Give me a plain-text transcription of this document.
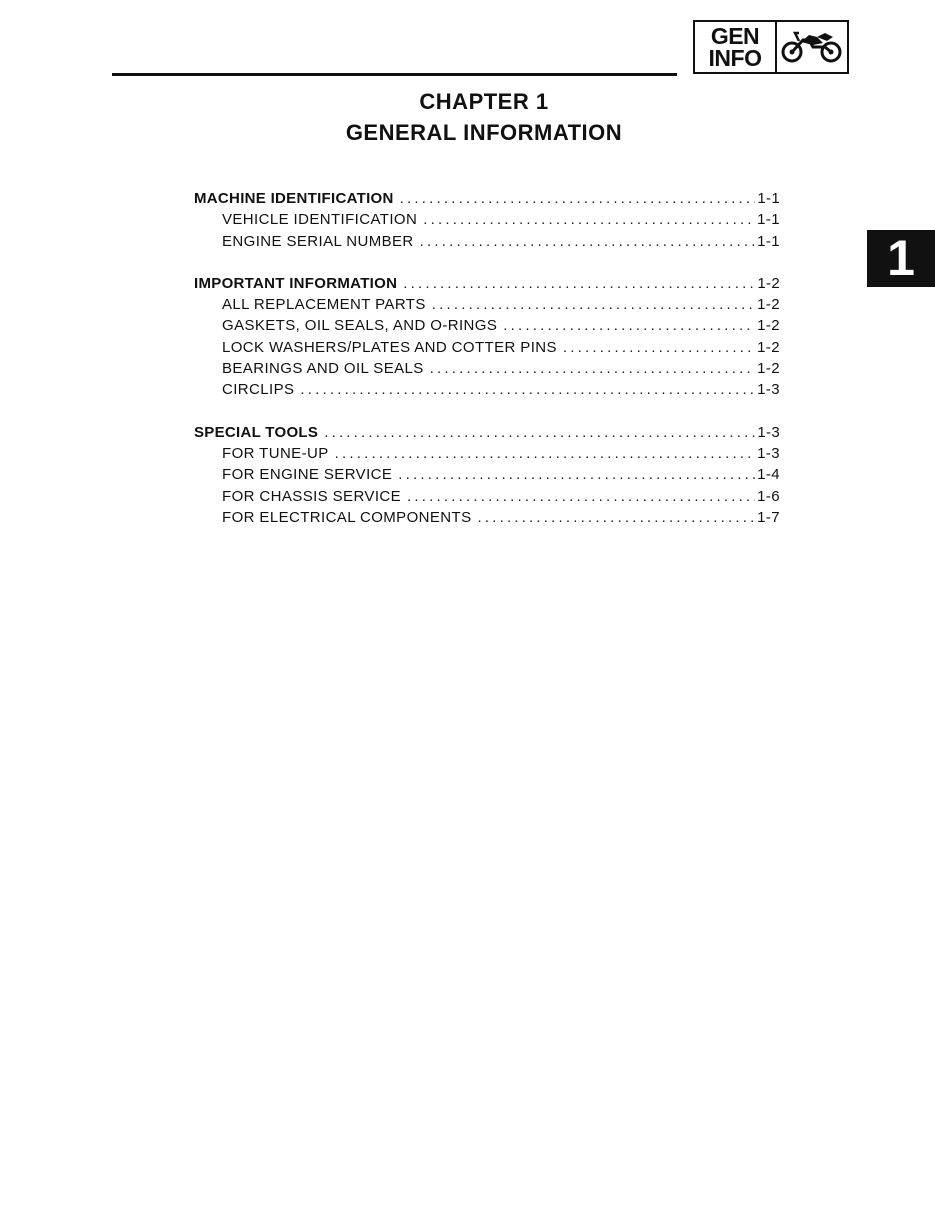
GEN
INFO
CHAPTER 1
GENERAL INFORMATION
1
MACHINE IDENTIFICATION .....	1-1
VEHICLE IDENTIFICATION .....	1-1
ENGINE SERIAL NUMBER .....	1-1
IMPORTANT INFORMATION .....	1-2
ALL REPLACEMENT PARTS .....	1-2
GASKETS, OIL SEALS, AND O-RINGS .....	1-2
LOCK WASHERS/PLATES AND COTTER PINS .....	1-2
BEARINGS AND OIL SEALS .....	1-2
CIRCLIPS .....	1-3
SPECIAL TOOLS .....	1-3
FOR TUNE-UP .....	1-3
FOR ENGINE SERVICE .....	1-4
FOR CHASSIS SERVICE .....	1-6
FOR ELECTRICAL COMPONENTS .....	1-7
